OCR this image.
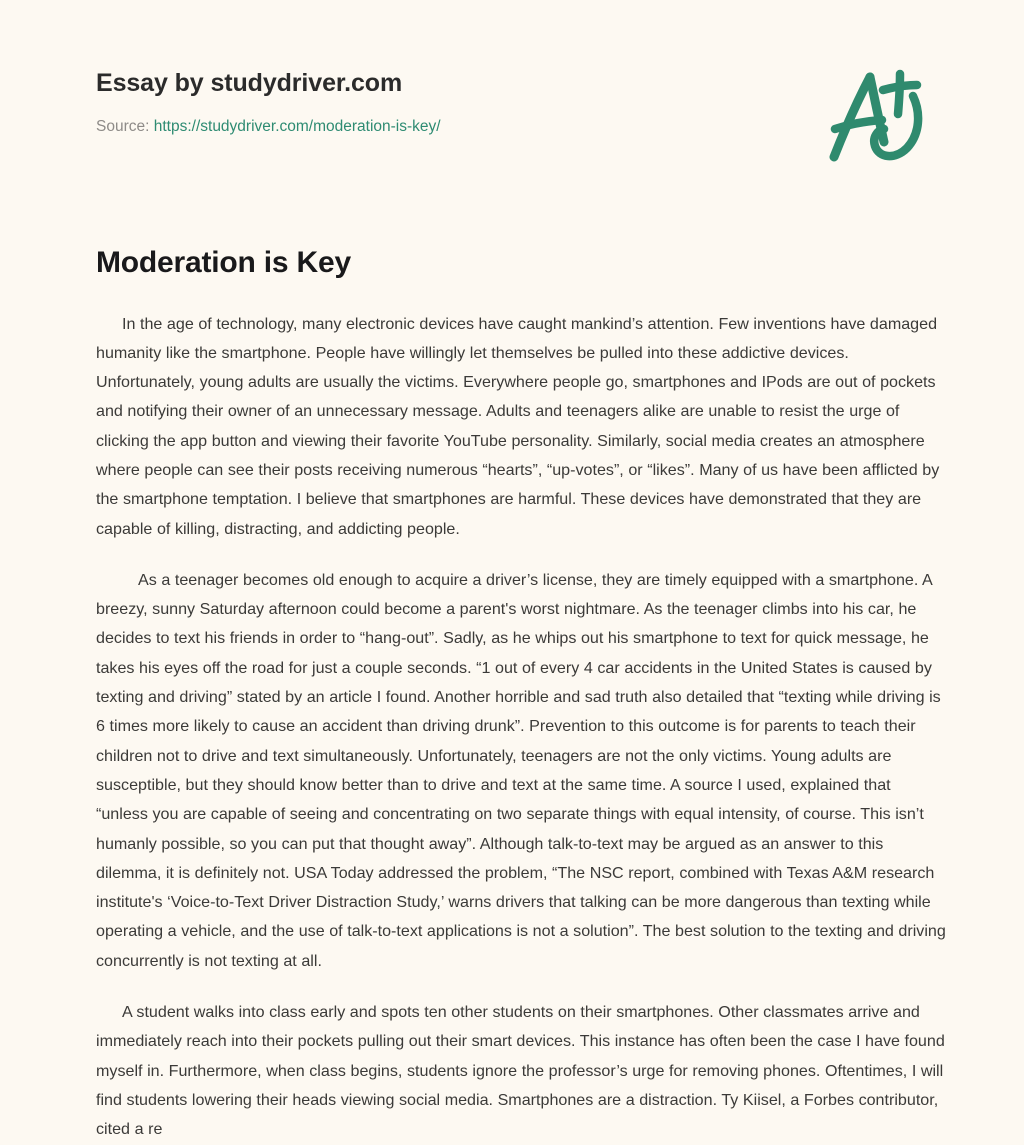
Essay by studydriver.com
Source: https://studydriver.com/moderation-is-key/
Moderation is Key

In the age of technology, many electronic devices have caught mankind’s attention. Few inventions have damaged humanity like the smartphone. People have willingly let themselves be pulled into these addictive devices. Unfortunately, young adults are usually the victims. Everywhere people go, smartphones and IPods are out of pockets and notifying their owner of an unnecessary message. Adults and teenagers alike are unable to resist the urge of clicking the app button and viewing their favorite YouTube personality. Similarly, social media creates an atmosphere where people can see their posts receiving numerous “hearts”, “up-votes”, or “likes”. Many of us have been afflicted by the smartphone temptation. I believe that smartphones are harmful. These devices have demonstrated that they are capable of killing, distracting, and addicting people.

As a teenager becomes old enough to acquire a driver’s license, they are timely equipped with a smartphone. A breezy, sunny Saturday afternoon could become a parent's worst nightmare. As the teenager climbs into his car, he decides to text his friends in order to “hang-out”. Sadly, as he whips out his smartphone to text for quick message, he takes his eyes off the road for just a couple seconds. “1 out of every 4 car accidents in the United States is caused by texting and driving” stated by an article I found. Another horrible and sad truth also detailed that “texting while driving is 6 times more likely to cause an accident than driving drunk”. Prevention to this outcome is for parents to teach their children not to drive and text simultaneously. Unfortunately, teenagers are not the only victims. Young adults are susceptible, but they should know better than to drive and text at the same time. A source I used, explained that “unless you are capable of seeing and concentrating on two separate things with equal intensity, of course. This isn’t humanly possible, so you can put that thought away”. Although talk-to-text may be argued as an answer to this dilemma, it is definitely not. USA Today addressed the problem, “The NSC report, combined with Texas A&M research institute's ‘Voice-to-Text Driver Distraction Study,’ warns drivers that talking can be more dangerous than texting while operating a vehicle, and the use of talk-to-text applications is not a solution”. The best solution to the texting and driving concurrently is not texting at all.

A student walks into class early and spots ten other students on their smartphones. Other classmates arrive and immediately reach into their pockets pulling out their smart devices. This instance has often been the case I have found myself in. Furthermore, when class begins, students ignore the professor’s urge for removing phones. Oftentimes, I will find students lowering their heads viewing social media. Smartphones are a distraction. Ty Kiisel, a Forbes contributor, cited a re
